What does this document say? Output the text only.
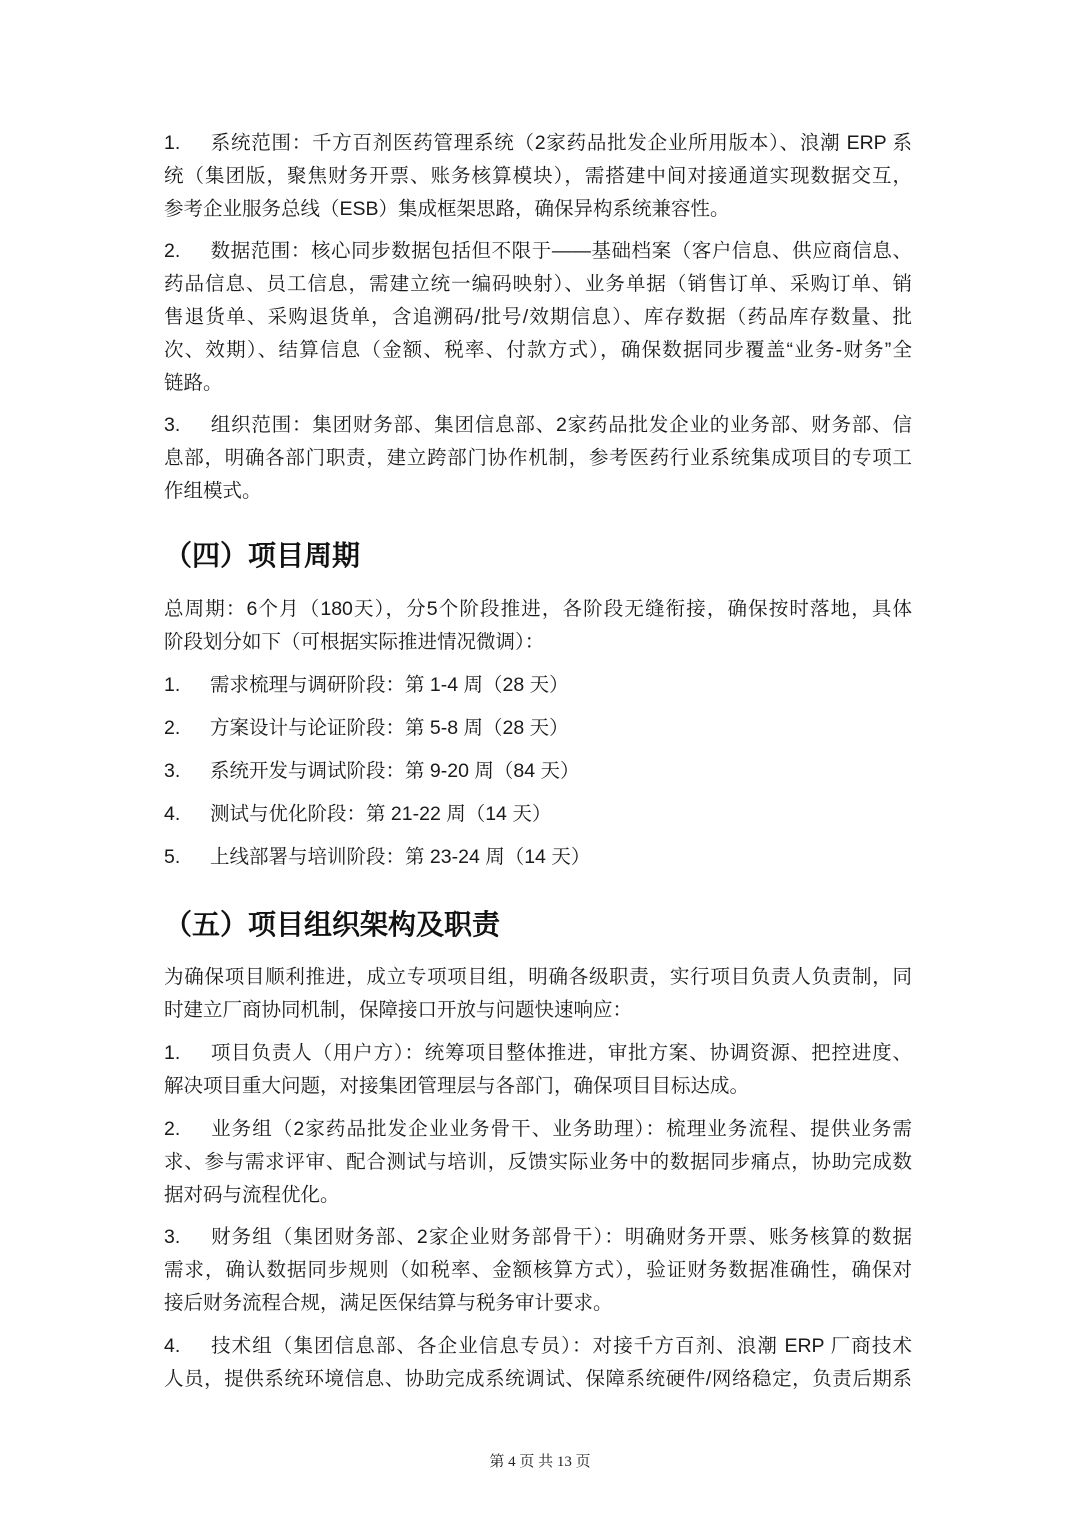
1. 系统范围：千方百剂医药管理系统（2家药品批发企业所用版本）、浪潮 ERP 系
统（集团版，聚焦财务开票、账务核算模块），需搭建中间对接通道实现数据交互，
参考企业服务总线（ESB）集成框架思路，确保异构系统兼容性。
2. 数据范围：核心同步数据包括但不限于——基础档案（客户信息、供应商信息、
药品信息、员工信息，需建立统一编码映射）、业务单据（销售订单、采购订单、销
售退货单、采购退货单，含追溯码/批号/效期信息）、库存数据（药品库存数量、批
次、效期）、结算信息（金额、税率、付款方式），确保数据同步覆盖“业务-财务”全
链路。
3. 组织范围：集团财务部、集团信息部、2家药品批发企业的业务部、财务部、信
息部，明确各部门职责，建立跨部门协作机制，参考医药行业系统集成项目的专项工
作组模式。
（四）项目周期
总周期：6个月（180天），分5个阶段推进，各阶段无缝衔接，确保按时落地，具体
阶段划分如下（可根据实际推进情况微调）：
1. 需求梳理与调研阶段：第 1-4 周（28 天）
2. 方案设计与论证阶段：第 5-8 周（28 天）
3. 系统开发与调试阶段：第 9-20 周（84 天）
4. 测试与优化阶段：第 21-22 周（14 天）
5. 上线部署与培训阶段：第 23-24 周（14 天）
（五）项目组织架构及职责
为确保项目顺利推进，成立专项项目组，明确各级职责，实行项目负责人负责制，同
时建立厂商协同机制，保障接口开放与问题快速响应：
1. 项目负责人（用户方）：统筹项目整体推进，审批方案、协调资源、把控进度、
解决项目重大问题，对接集团管理层与各部门，确保项目目标达成。
2. 业务组（2家药品批发企业业务骨干、业务助理）：梳理业务流程、提供业务需
求、参与需求评审、配合测试与培训，反馈实际业务中的数据同步痛点，协助完成数
据对码与流程优化。
3. 财务组（集团财务部、2家企业财务部骨干）：明确财务开票、账务核算的数据
需求，确认数据同步规则（如税率、金额核算方式），验证财务数据准确性，确保对
接后财务流程合规，满足医保结算与税务审计要求。
4. 技术组（集团信息部、各企业信息专员）：对接千方百剂、浪潮 ERP 厂商技术
人员，提供系统环境信息、协助完成系统调试、保障系统硬件/网络稳定，负责后期系
第 4 页 共 13 页
